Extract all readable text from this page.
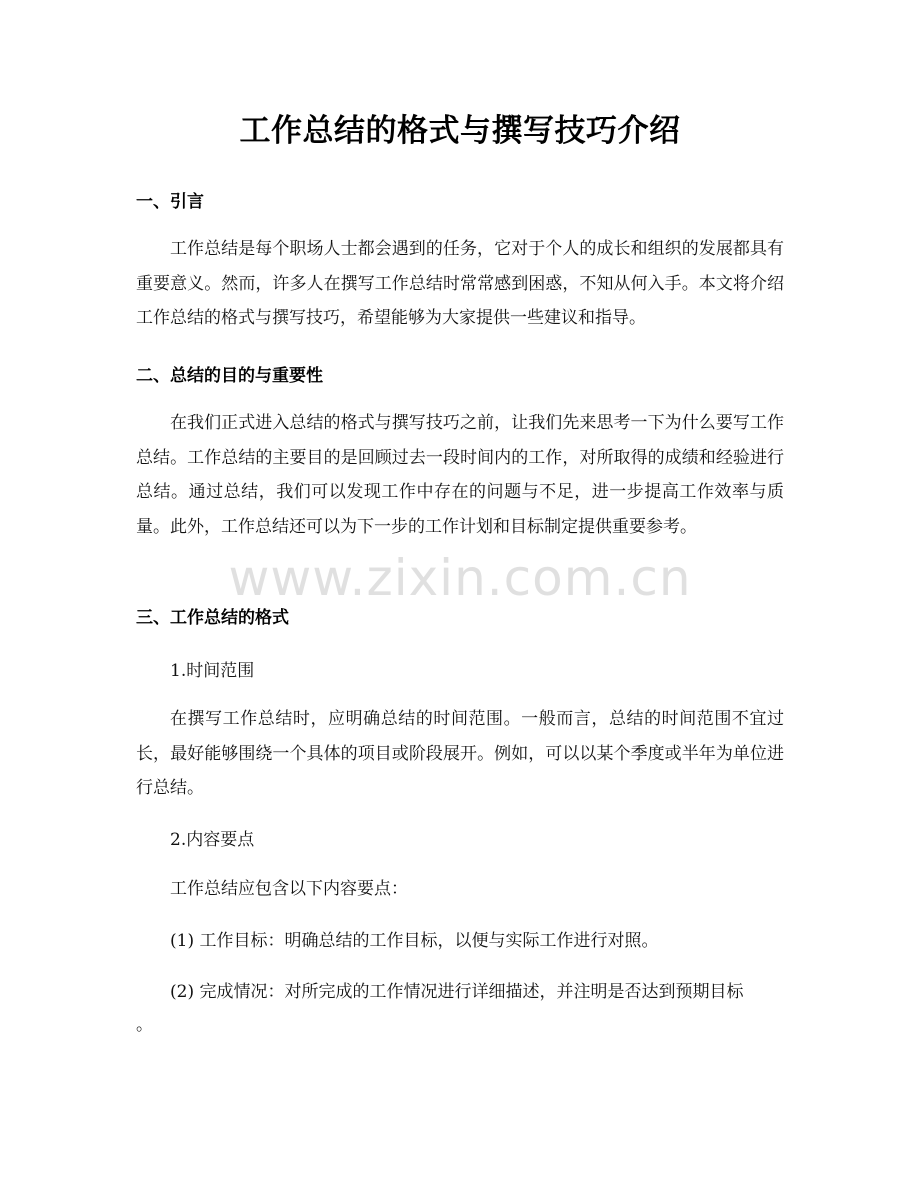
工作总结的格式与撰写技巧介绍
一、引言
工作总结是每个职场人士都会遇到的任务，它对于个人的成长和组织的发展都具有重要意义。然而，许多人在撰写工作总结时常常感到困惑，不知从何入手。本文将介绍工作总结的格式与撰写技巧，希望能够为大家提供一些建议和指导。
二、总结的目的与重要性
在我们正式进入总结的格式与撰写技巧之前，让我们先来思考一下为什么要写工作总结。工作总结的主要目的是回顾过去一段时间内的工作，对所取得的成绩和经验进行总结。通过总结，我们可以发现工作中存在的问题与不足，进一步提高工作效率与质量。此外，工作总结还可以为下一步的工作计划和目标制定提供重要参考。
三、工作总结的格式
1.时间范围
在撰写工作总结时，应明确总结的时间范围。一般而言，总结的时间范围不宜过长，最好能够围绕一个具体的项目或阶段展开。例如，可以以某个季度或半年为单位进行总结。
2.内容要点
工作总结应包含以下内容要点：
(1) 工作目标：明确总结的工作目标，以便与实际工作进行对照。
(2) 完成情况：对所完成的工作情况进行详细描述，并注明是否达到预期目标
。
www.zixin.com.cn
